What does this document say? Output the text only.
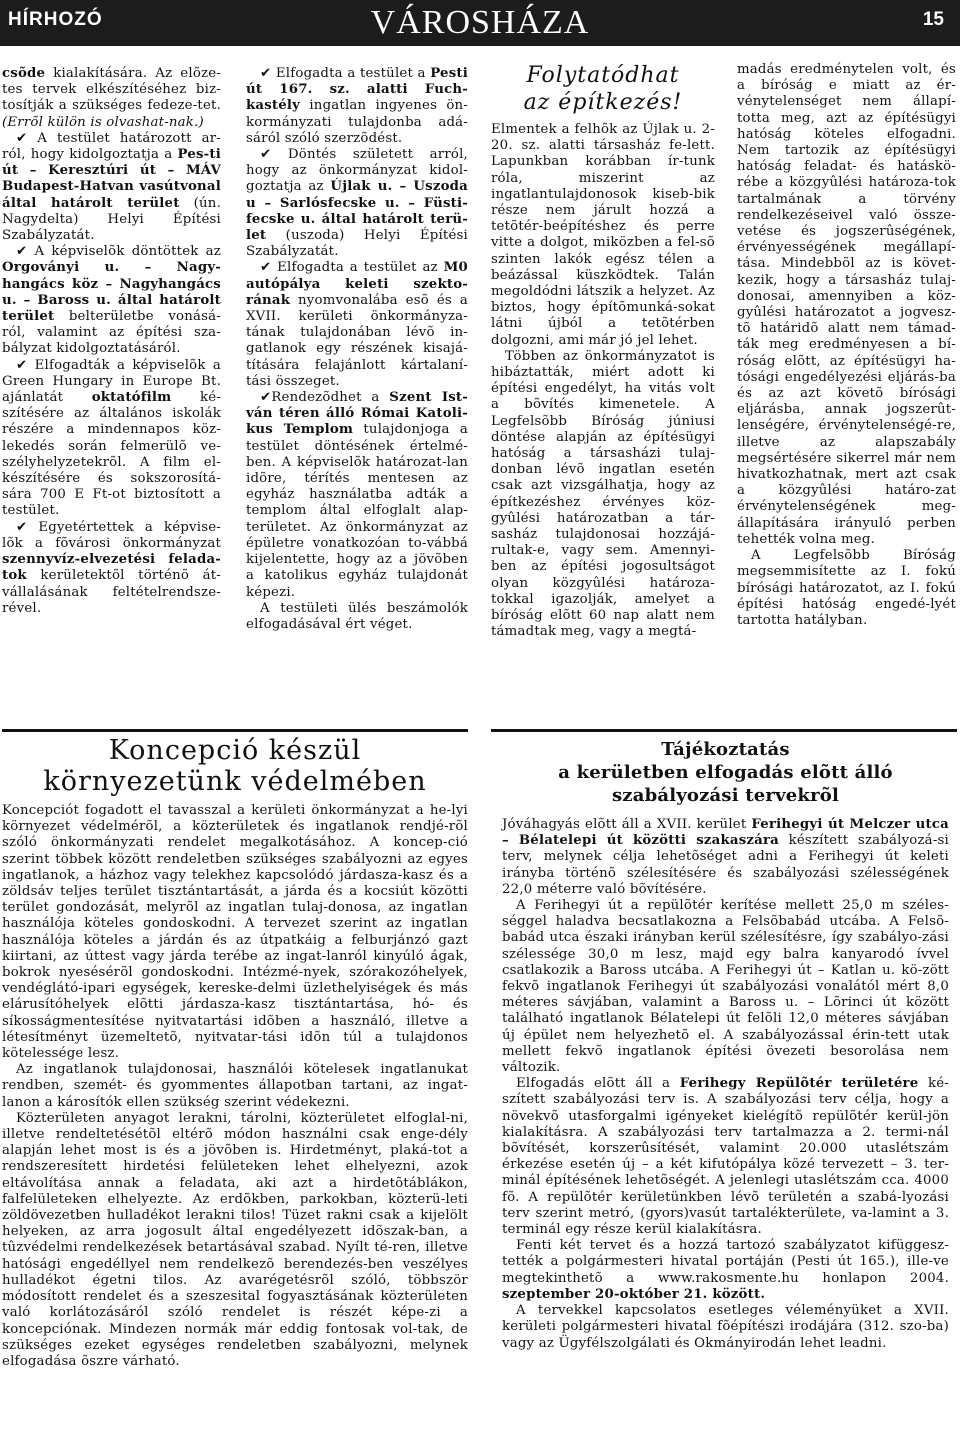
HÍRHOZÓ	VÁROSHÁZA	15

csõde kialakítására. Az elõze-tes tervek elkészítéséhez biz-tosítják a szükséges fedeze-tet. (Errõl külön is olvashat-nak.)

✔ A testület határozott ar-ról, hogy kidolgoztatja a Pes-ti út – Keresztúri út – MÁV Budapest-Hatvan vasútvonal által határolt terület (ún. Nagydelta) Helyi Építési Szabályzatát.

✔ A képviselõk döntöttek az Orgoványi u. – Nagy-hangács köz – Nagyhangács u. – Baross u. által határolt terület belterületbe vonásá-ról, valamint az építési sza-bályzat kidolgoztatásáról.

✔ Elfogadták a képviselõk a Green Hungary in Europe Bt. ajánlatát oktatófilm ké-szítésére az általános iskolák részére a mindennapos köz-lekedés során felmerülõ ve-szélyhelyzetekrõl. A film el-készítésére és sokszorosítá-sára 700 E Ft-ot biztosított a testület.

✔ Egyetértettek a képvise-lõk a fõvárosi önkormányzat szennyvíz-elvezetési felada-tok kerületektõl történõ át-vállalásának feltételrendsze-rével.

✔ Elfogadta a testület a Pesti út 167. sz. alatti Fuch-kastély ingatlan ingyenes ön-kormányzati tulajdonba adá-sáról szóló szerzõdést.

✔ Döntés született arról, hogy az önkormányzat kidol-goztatja az Újlak u. – Uszoda u – Sarlósfecske u. – Füsti-fecske u. által határolt terü-let (uszoda) Helyi Építési Szabályzatát.

✔ Elfogadta a testület az M0 autópálya keleti szekto-rának nyomvonalába esõ és a XVII. kerületi önkormányza-tának tulajdonában lévõ in-gatlanok egy részének kisajá-títására felajánlott kártalaní-tási összeget.

✔Rendezõdhet a Szent Ist-ván téren álló Római Katoli-kus Templom tulajdonjoga a testület döntésének értelmé-ben. A képviselõk határozat-lan idõre, térítés mentesen az egyház használatba adták a templom által elfoglalt alap-területet. Az önkormányzat az épületre vonatkozóan to-vábbá kijelentette, hogy az a jövõben a katolikus egyház tulajdonát képezi.

A testületi ülés beszámolók elfogadásával ért véget.

Folytatódhat
az építkezés!

Elmentek a felhõk az Újlak u. 2-20. sz. alatti társasház fe-lett. Lapunkban korábban ír-tunk róla, miszerint az ingatlantulajdonosok kiseb-bik része nem járult hozzá a tetõtér-beépítéshez és perre vitte a dolgot, miközben a fel-sõ szinten lakók egész télen a beázással küszködtek. Talán megoldódni látszik a helyzet. Az biztos, hogy építõmunká-sokat látni újból a tetõtérben dolgozni, ami már jó jel lehet.

Többen az önkormányzatot is hibáztatták, miért adott ki építési engedélyt, ha vitás volt a bõvítés kimenetele. A Legfelsõbb Bíróság júniusi döntése alapján az építésügyi hatóság a társasházi tulaj-donban lévõ ingatlan esetén csak azt vizsgálhatja, hogy az építkezéshez érvényes köz-gyûlési határozatban a tár-sasház tulajdonosai hozzájá-rultak-e, vagy sem. Amennyi-ben az építési jogosultságot olyan közgyûlési határoza-tokkal igazolják, amelyet a bíróság elõtt 60 nap alatt nem támadtak meg, vagy a megtá-

madás eredménytelen volt, és a bíróság e miatt az ér-vénytelenséget nem állapí-totta meg, azt az építésügyi hatóság köteles elfogadni. Nem tartozik az építésügyi hatóság feladat- és hatáskö-rébe a közgyûlési határoza-tok tartalmának a törvény rendelkezéseivel való össze-vetése és jogszerûségének, érvényességének megállapí-tása. Mindebbõl az is követ-kezik, hogy a társasház tulaj-donosai, amennyiben a köz-gyûlési határozatot a jogvesz-tõ határidõ alatt nem támad-ták meg eredményesen a bí-róság elõtt, az építésügyi ha-tósági engedélyezési eljárás-ba és az azt követõ bírósági eljárásba, annak jogszerût-lenségére, érvénytelenségé-re, illetve az alapszabály megsértésére sikerrel már nem hivatkozhatnak, mert azt csak a közgyûlési határo-zat érvénytelenségének meg-állapítására irányuló perben tehették volna meg.

A Legfelsõbb Bíróság megsemmisítette az I. fokú bírósági határozatot, az I. fokú építési hatóság engedé-lyét tartotta hatályban.

Koncepció készül
környezetünk védelmében

Koncepciót fogadott el tavasszal a kerületi önkormányzat a he-lyi környezet védelmérõl, a közterületek és ingatlanok rendjé-rõl szóló önkormányzati rendelet megalkotásához. A koncep-ció szerint többek között rendeletben szükséges szabályozni az egyes ingatlanok, a házhoz vagy telekhez kapcsolódó járdasza-kasz és a zöldsáv teljes terület tisztántartását, a járda és a kocsiút közötti terület gondozását, melyrõl az ingatlan tulaj-donosa, az ingatlan használója köteles gondoskodni. A tervezet szerint az ingatlan használója köteles a járdán és az útpatkáig a felburjánzó gazt kiirtani, az úttest vagy járda terébe az ingat-lanról kinyúló ágak, bokrok nyesésérõl gondoskodni. Intézmé-nyek, szórakozóhelyek, vendéglátó-ipari egységek, kereske-delmi üzlethelyiségek és más elárusítóhelyek elõtti járdasza-kasz tisztántartása, hó- és síkosságmentesítése nyitvatartási idõben a használó, illetve a létesítményt üzemeltetõ, nyitvatar-tási idõn túl a tulajdonos kötelessége lesz.

Az ingatlanok tulajdonosai, használói kötelesek ingatlanukat rendben, szemét- és gyommentes állapotban tartani, az ingat-lanon a károsítók ellen szükség szerint védekezni.

Közterületen anyagot lerakni, tárolni, közterületet elfoglal-ni, illetve rendeltetésétõl eltérõ módon használni csak enge-dély alapján lehet most is és a jövõben is. Hirdetményt, plaká-tot a rendszeresített hirdetési felületeken lehet elhelyezni, azok eltávolítása annak a feladata, aki azt a hirdetõtáblákon, falfelületeken elhelyezte. Az erdõkben, parkokban, közterü-leti zöldövezetben hulladékot lerakni tilos! Tüzet rakni csak a kijelölt helyeken, az arra jogosult által engedélyezett idõszak-ban, a tûzvédelmi rendelkezések betartásával szabad. Nyílt té-ren, illetve hatósági engedéllyel nem rendelkezõ berendezés-ben veszélyes hulladékot égetni tilos. Az avarégetésrõl szóló, többször módosított rendelet és a szeszesital fogyasztásának közterületen való korlátozásáról szóló rendelet is részét képe-zi a koncepciónak. Mindezen normák már eddig fontosak vol-tak, de szükséges ezeket egységes rendeletben szabályozni, melynek elfogadása õszre várható.

Tájékoztatás
a kerületben elfogadás elõtt álló
szabályozási tervekrõl

Jóváhagyás elõtt áll a XVII. kerület Ferihegyi út Melczer utca – Bélatelepi út közötti szakaszára készített szabályozá-si terv, melynek célja lehetõséget adni a Ferihegyi út keleti irányba történõ szélesítésére és szabályozási szélességének 22,0 méterre való bõvítésére.

A Ferihegyi út a repülõtér kerítése mellett 25,0 m széles-séggel haladva becsatlakozna a Felsõbabád utcába. A Felsõ-babád utca északi irányban kerül szélesítésre, így szabályo-zási szélessége 30,0 m lesz, majd egy balra kanyarodó ívvel csatlakozik a Baross utcába. A Ferihegyi út – Katlan u. kö-zött fekvõ ingatlanok Ferihegyi út szabályozási vonalától mért 8,0 méteres sávjában, valamint a Baross u. – Lõrinci út között található ingatlanok Bélatelepi út felõli 12,0 méteres sávjában új épület nem helyezhetõ el. A szabályozással érin-tett utak mellett fekvõ ingatlanok építési övezeti besorolása nem változik.

Elfogadás elõtt áll a Ferihegy Repülõtér területére ké-szített szabályozási terv is. A szabályozási terv célja, hogy a növekvõ utasforgalmi igényeket kielégítõ repülõtér kerül-jön kialakításra. A szabályozási terv tartalmazza a 2. termi-nál bõvítését, korszerûsítését, valamint 20.000 utaslétszám érkezése esetén új – a két kifutópálya közé tervezett – 3. ter-minál építésének lehetõségét. A jelenlegi utaslétszám cca. 4000 fõ. A repülõtér kerületünkben lévõ területén a szabá-lyozási terv szerint metró, (gyors)vasút tartalékterülete, va-lamint a 3. terminál egy része kerül kialakításra.

Fenti két tervet és a hozzá tartozó szabályzatot kifüggesz-tették a polgármesteri hivatal portáján (Pesti út 165.), ille-ve megtekinthetõ a www.rakosmente.hu honlapon 2004. szeptember 20-október 21. között.

A tervekkel kapcsolatos esetleges véleményüket a XVII. kerületi polgármesteri hivatal fõépítészi irodájára (312. szo-ba) vagy az Ügyfélszolgálati és Okmányirodán lehet leadni.
